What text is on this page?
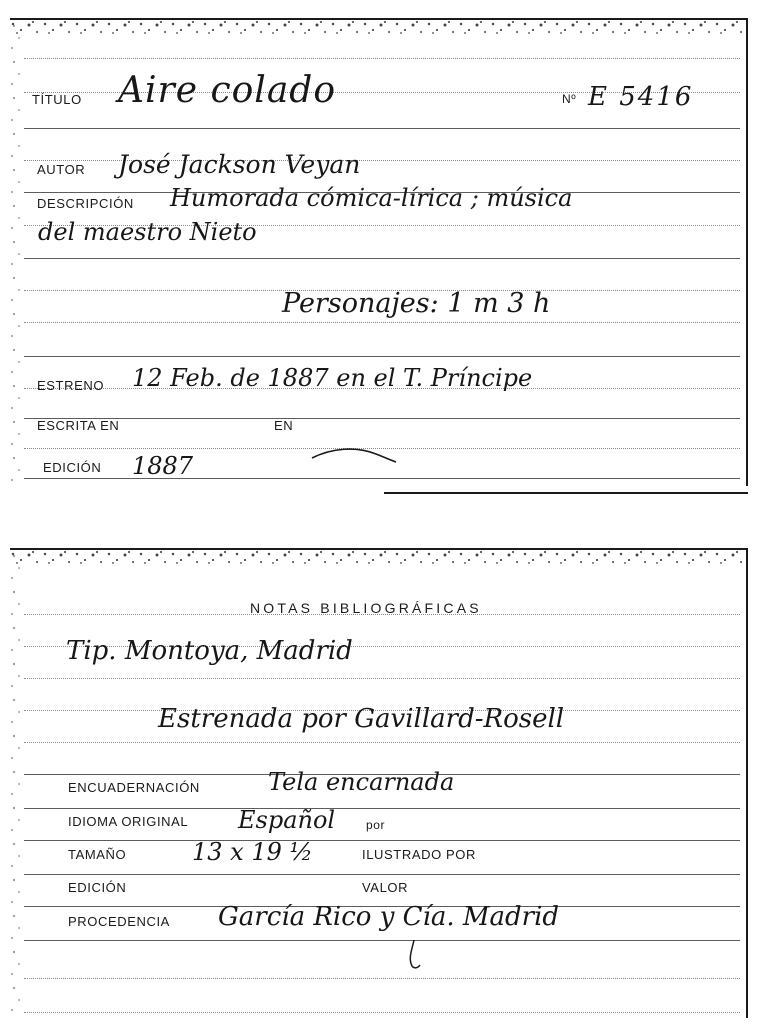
TÍTULO Aire colado	Nº E 5416
AUTOR José Jackson Veyan
DESCRIPCIÓN Humorada cómica-lírica ; música
del maestro Nieto
Personajes: 1 m 3 h
ESTRENO 12 Feb. de 1887 en el T. Príncipe
ESCRITA EN	EN
EDICIÓN 1887
NOTAS BIBLIOGRÁFICAS
Tip. Montoya, Madrid
Estrenada por Gavillard-Rosell
ENCUADERNACIÓN	Tela encarnada
IDIOMA ORIGINAL Español	por
TAMAÑO	13 x 19 ½	ILUSTRADO POR
EDICIÓN	VALOR
PROCEDENCIA García Rico y Cía. Madrid
